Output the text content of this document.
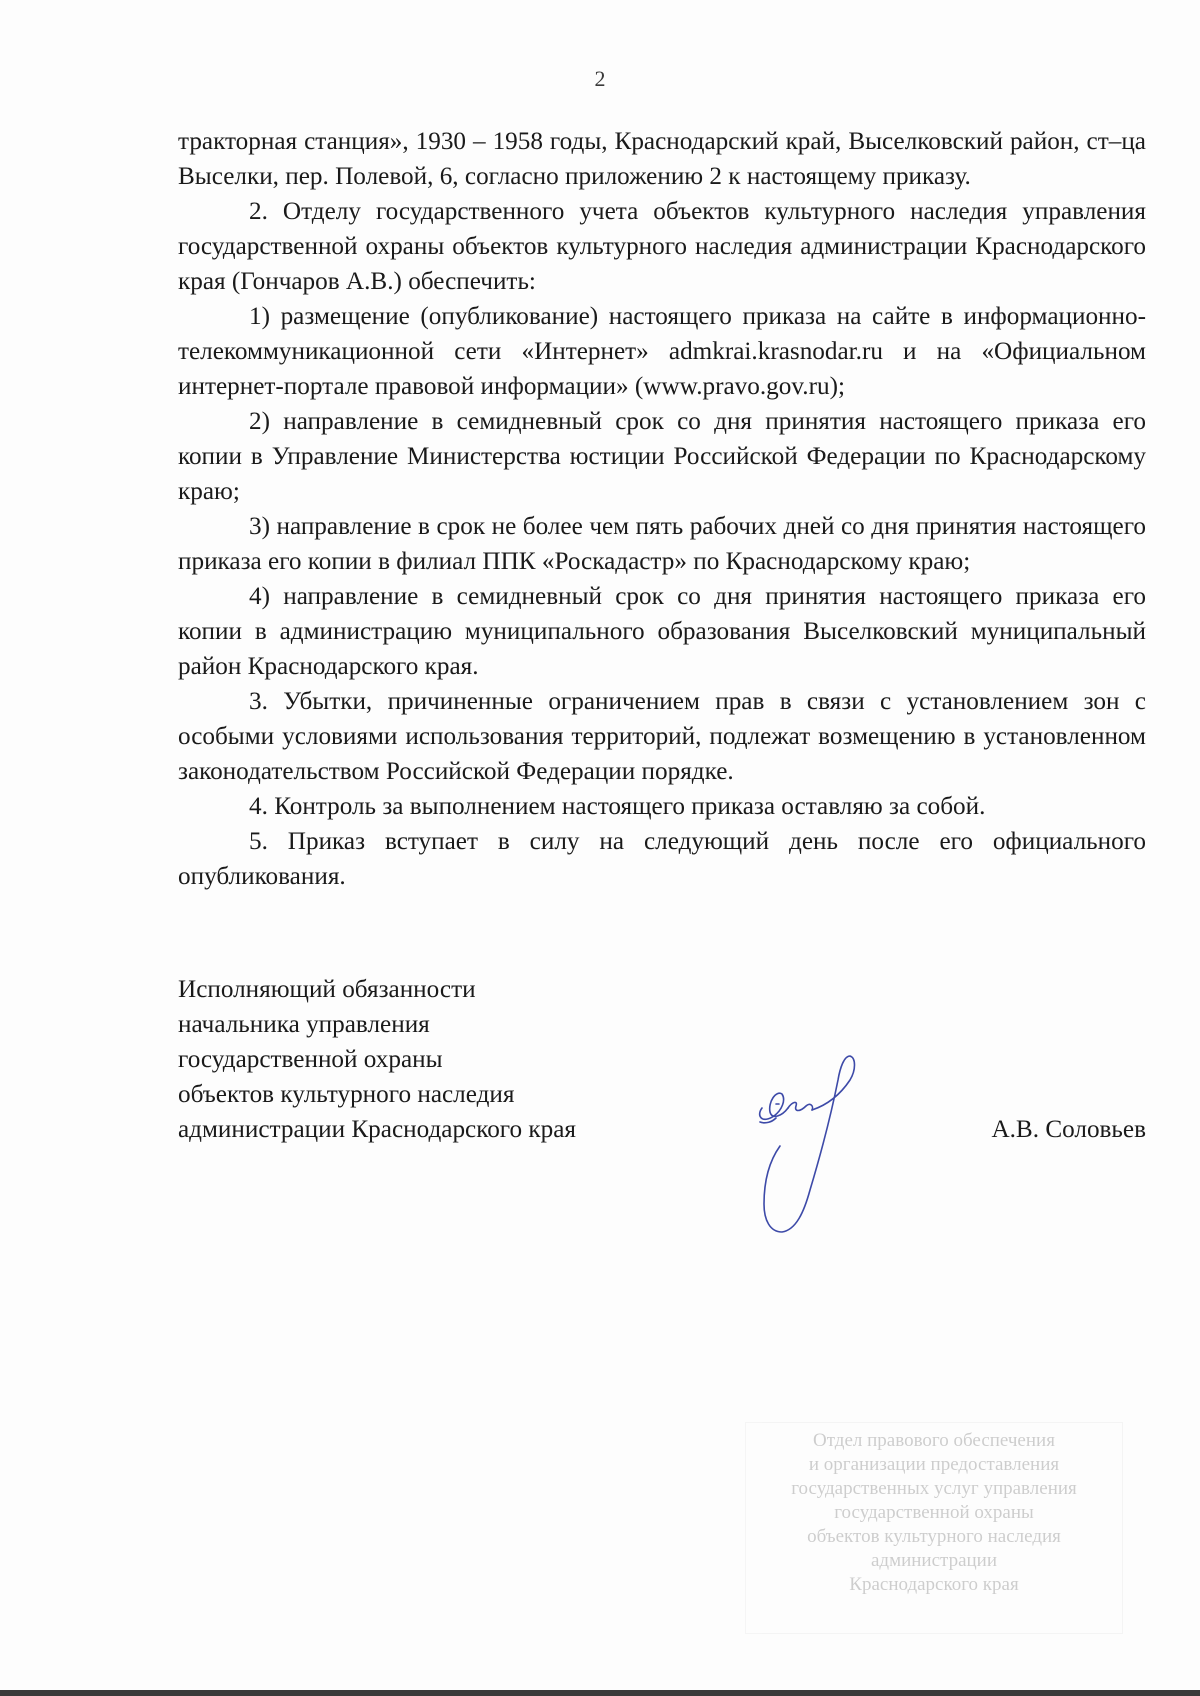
2

тракторная станция», 1930 – 1958 годы, Краснодарский край, Выселковский район, ст–ца Выселки, пер. Полевой, 6, согласно приложению 2 к настоящему приказу.

2. Отделу государственного учета объектов культурного наследия управления государственной охраны объектов культурного наследия администрации Краснодарского края (Гончаров А.В.) обеспечить:

1) размещение (опубликование) настоящего приказа на сайте в информационно-телекоммуникационной сети «Интернет» admkrai.krasnodar.ru и на «Официальном интернет-портале правовой информации» (www.pravo.gov.ru);

2) направление в семидневный срок со дня принятия настоящего приказа его копии в Управление Министерства юстиции Российской Федерации по Краснодарскому краю;

3) направление в срок не более чем пять рабочих дней со дня принятия настоящего приказа его копии в филиал ППК «Роскадастр» по Краснодарскому краю;

4) направление в семидневный срок со дня принятия настоящего приказа его копии в администрацию муниципального образования Выселковский муниципальный район Краснодарского края.

3. Убытки, причиненные ограничением прав в связи с установлением зон с особыми условиями использования территорий, подлежат возмещению в установленном законодательством Российской Федерации порядке.

4. Контроль за выполнением настоящего приказа оставляю за собой.

5. Приказ вступает в силу на следующий день после его официального опубликования.

Исполняющий обязанности

начальника управления

государственной охраны

объектов культурного наследия

администрации Краснодарского края	А.В. Соловьев
Отдел правового обеспечения
и организации предоставления
государственных услуг управления
государственной охраны
объектов культурного наследия
администрации
Краснодарского края
